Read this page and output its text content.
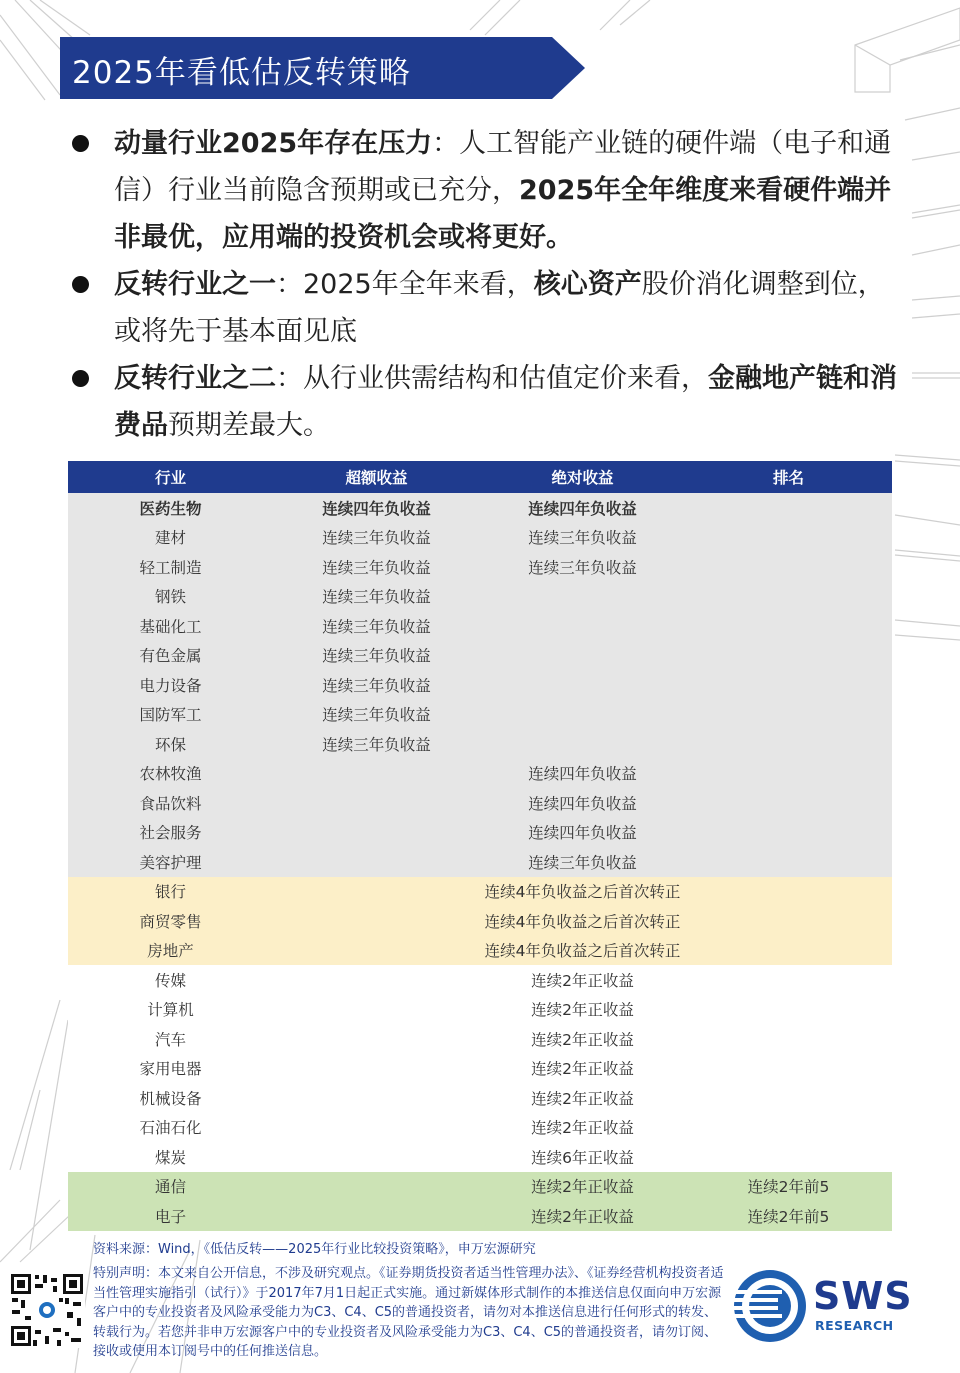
2025年看低估反转策略
动量行业2025年存在压力：人工智能产业链的硬件端（电子和通信）行业当前隐含预期或已充分，2025年全年维度来看硬件端并非最优，应用端的投资机会或将更好。
反转行业之一：2025年全年来看，核心资产股价消化调整到位，或将先于基本面见底
反转行业之二：从行业供需结构和估值定价来看，金融地产链和消费品预期差最大。
行业	超额收益	绝对收益	排名
医药生物	连续四年负收益	连续四年负收益	
建材	连续三年负收益	连续三年负收益	
轻工制造	连续三年负收益	连续三年负收益	
钢铁	连续三年负收益		
基础化工	连续三年负收益		
有色金属	连续三年负收益		
电力设备	连续三年负收益		
国防军工	连续三年负收益		
环保	连续三年负收益		
农林牧渔		连续四年负收益	
食品饮料		连续四年负收益	
社会服务		连续四年负收益	
美容护理		连续三年负收益	
银行		连续4年负收益之后首次转正	
商贸零售		连续4年负收益之后首次转正	
房地产		连续4年负收益之后首次转正	
传媒		连续2年正收益	
计算机		连续2年正收益	
汽车		连续2年正收益	
家用电器		连续2年正收益	
机械设备		连续2年正收益	
石油石化		连续2年正收益	
煤炭		连续6年正收益	
通信		连续2年正收益	连续2年前5
电子		连续2年正收益	连续2年前5
资料来源：Wind，《低估反转——2025年行业比较投资策略》，申万宏源研究
特别声明：本文来自公开信息，不涉及研究观点。《证券期货投资者适当性管理办法》、《证券经营机构投资者适当性管理实施指引（试行）》于2017年7月1日起正式实施。通过新媒体形式制作的本推送信息仅面向申万宏源客户中的专业投资者及风险承受能力为C3、C4、C5的普通投资者，请勿对本推送信息进行任何形式的转发、转载行为。若您并非申万宏源客户中的专业投资者及风险承受能力为C3、C4、C5的普通投资者，请勿订阅、接收或使用本订阅号中的任何推送信息。
SWS
RESEARCH
